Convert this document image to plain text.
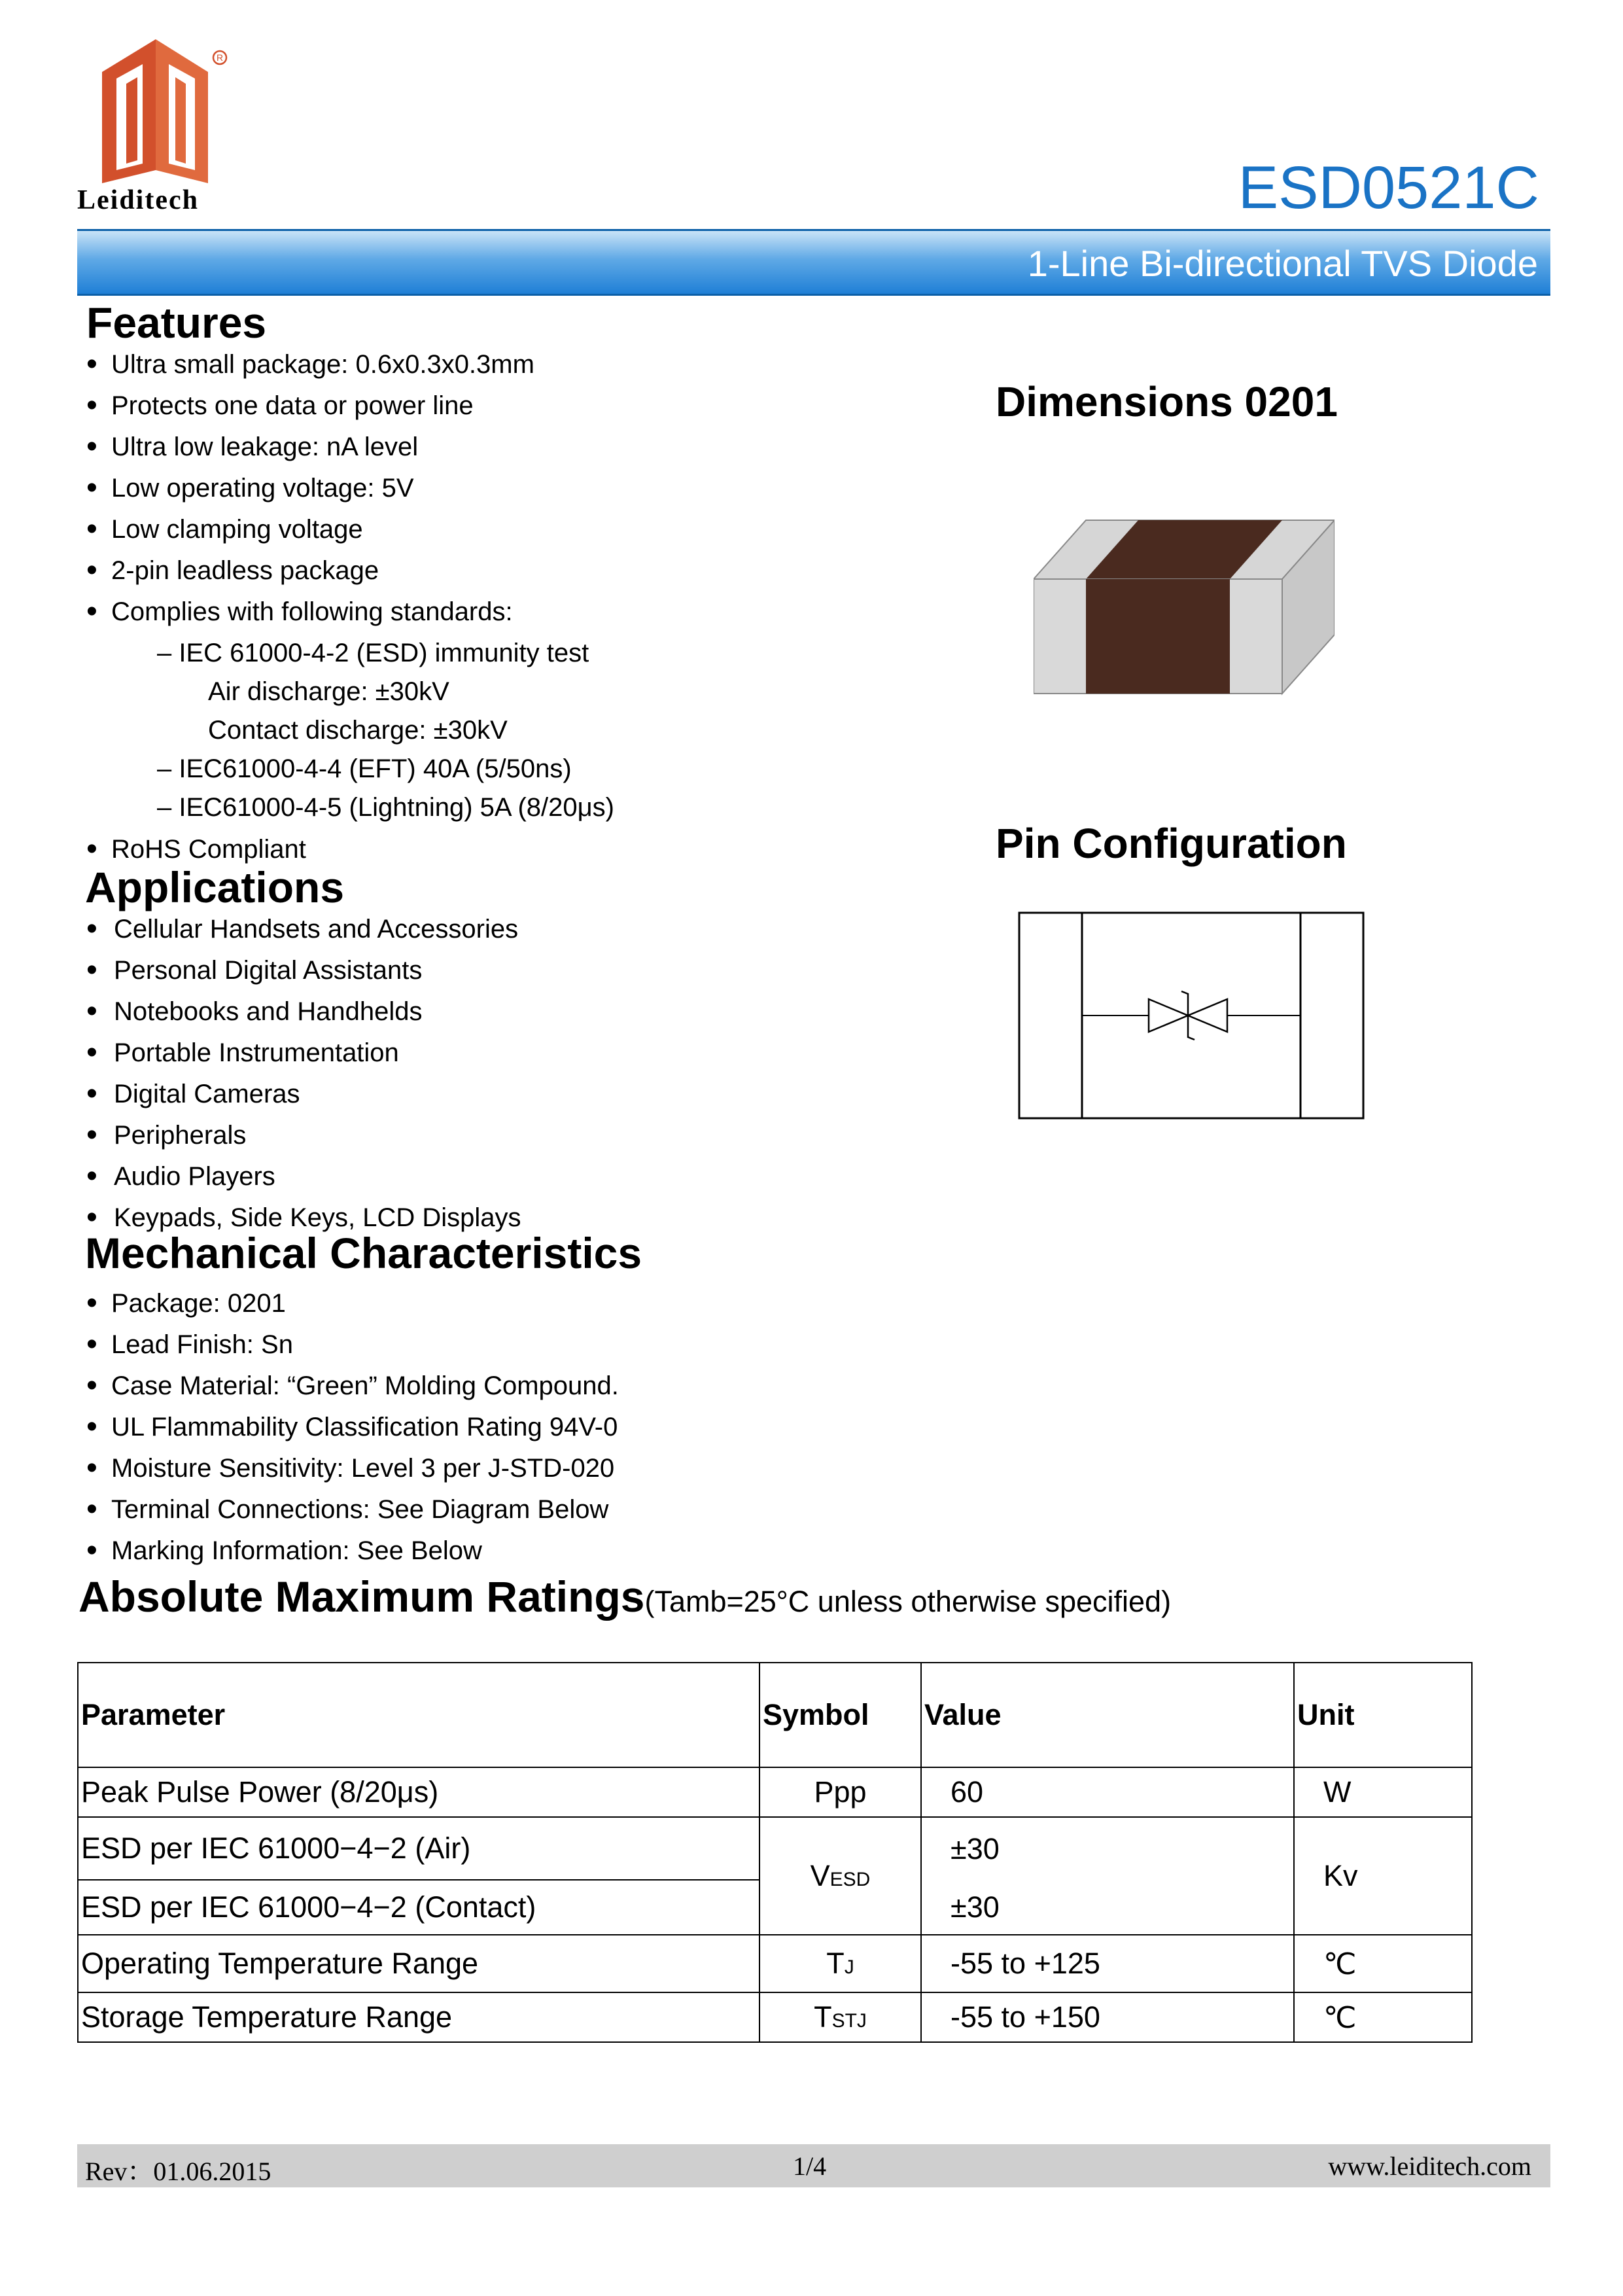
R
Leiditech	ESD0521C
1-Line Bi-directional TVS Diode
Features
• Ultra small package: 0.6x0.3x0.3mm
• Protects one data or power line
• Ultra low leakage: nA level
• Low operating voltage: 5V
• Low clamping voltage
• 2-pin leadless package
• Complies with following standards:
– IEC 61000-4-2 (ESD) immunity test
Air discharge: ±30kV
Contact discharge: ±30kV
– IEC61000-4-4 (EFT) 40A (5/50ns)
– IEC61000-4-5 (Lightning) 5A (8/20μs)
• RoHS Compliant
Dimensions 0201
Pin Configuration
Applications
• Cellular Handsets and Accessories
• Personal Digital Assistants
• Notebooks and Handhelds
• Portable Instrumentation
• Digital Cameras
• Peripherals
• Audio Players
• Keypads, Side Keys, LCD Displays
Mechanical Characteristics
• Package: 0201
• Lead Finish: Sn
• Case Material: “Green” Molding Compound.
• UL Flammability Classification Rating 94V-0
• Moisture Sensitivity: Level 3 per J-STD-020
• Terminal Connections: See Diagram Below
• Marking Information: See Below
Absolute Maximum Ratings(Tamb=25°C unless otherwise specified)
Parameter	Symbol	Value	Unit
Peak Pulse Power (8/20μs)	Ppp	60	W
ESD per IEC 61000−4−2 (Air)	VESD	±30	Kv
ESD per IEC 61000−4−2 (Contact)		±30	
Operating Temperature Range	TJ	-55 to +125	℃
Storage Temperature Range	TSTJ	-55 to +150	℃
Rev：01.06.2015	1/4	www.leiditech.com
